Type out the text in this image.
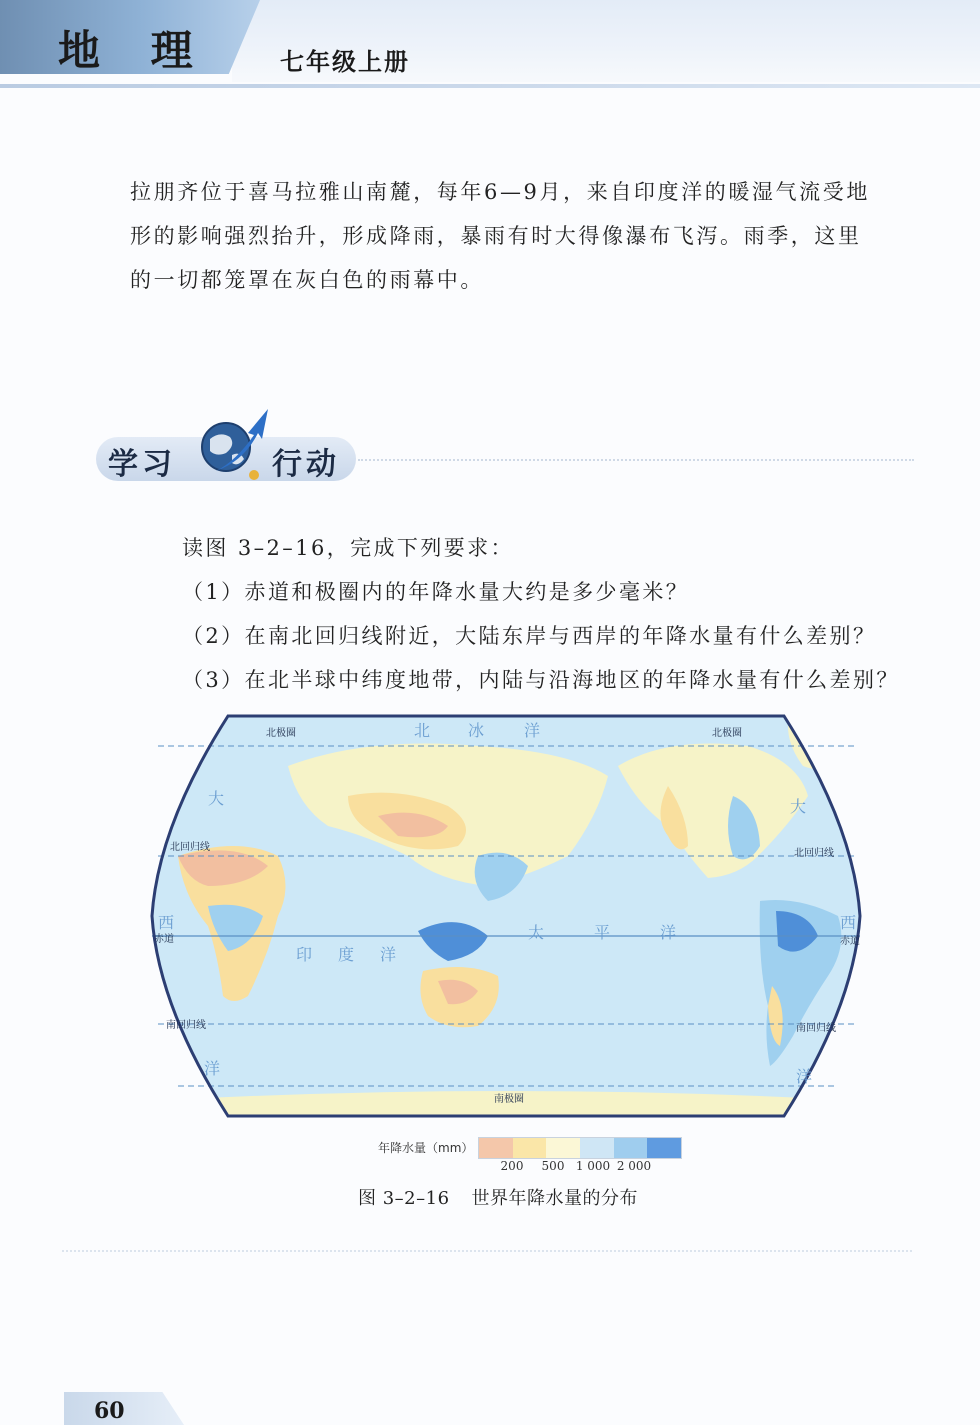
地 理	七年级上册
拉朋齐位于喜马拉雅山南麓，每年6—9月，来自印度洋的暖湿气流受地
形的影响强烈抬升，形成降雨，暴雨有时大得像瀑布飞泻。雨季，这里
的一切都笼罩在灰白色的雨幕中。
学习	行动
读图 3–2–16，完成下列要求：
（1）赤道和极圈内的年降水量大约是多少毫米？
（2）在南北回归线附近，大陆东岸与西岸的年降水量有什么差别？
（3）在北半球中纬度地带，内陆与沿海地区的年降水量有什么差别？
北极圈	北极圈
北回归线
北回归线
赤道	赤道
南回归线	南回归线
南极圈
北 冰 洋
大
西
洋
大
西
洋
印 度 洋
太	平	洋
年降水量（mm）
200 500 1 000 2 000
图 3–2–16 世界年降水量的分布
60
